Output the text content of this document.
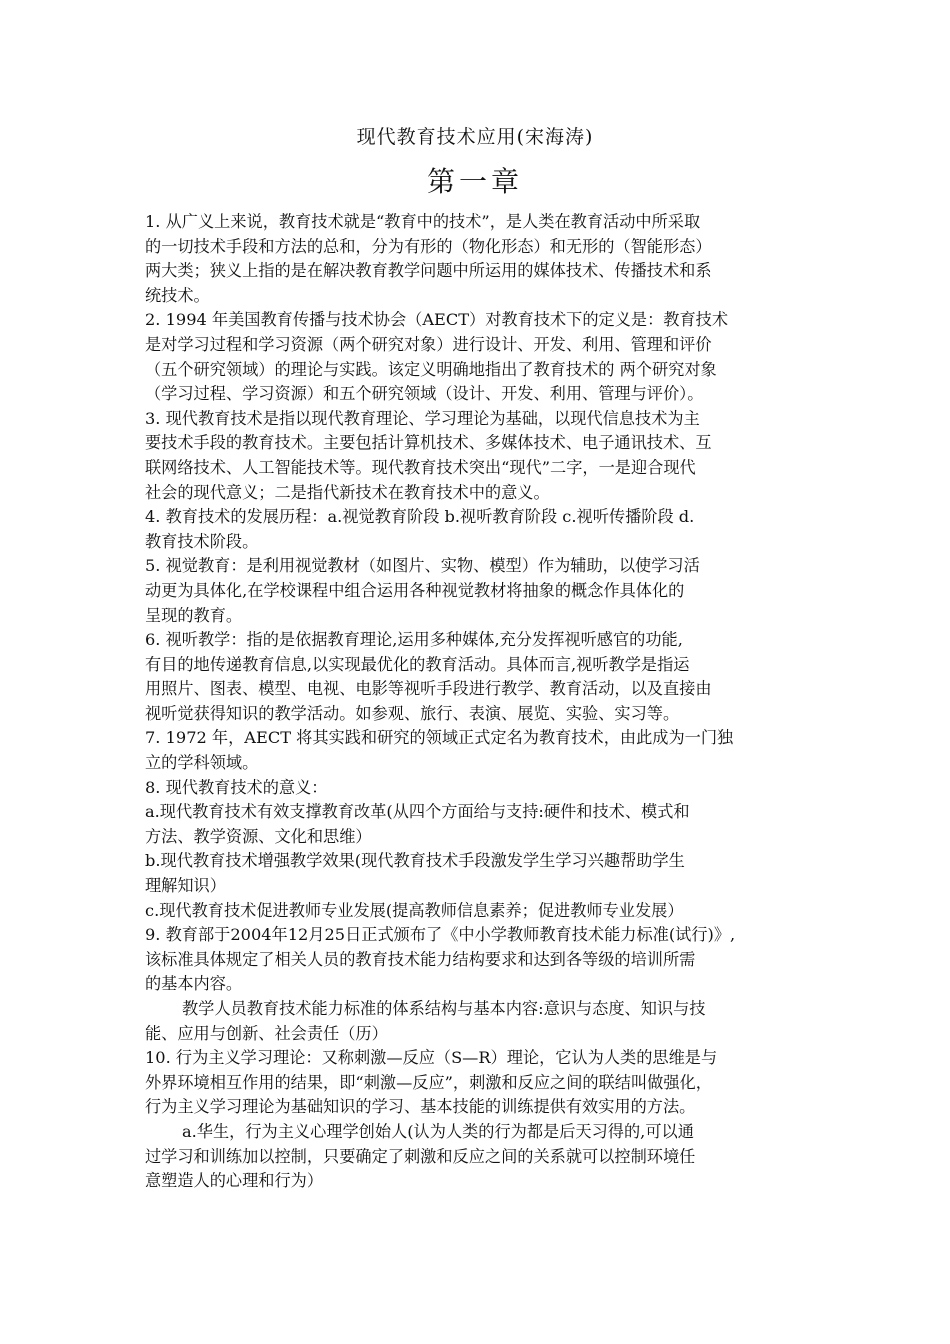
现代教育技术应用(宋海涛)
第一章
1. 从广义上来说，教育技术就是“教育中的技术”，是人类在教育活动中所采取
的一切技术手段和方法的总和，分为有形的（物化形态）和无形的（智能形态）
两大类；狭义上指的是在解决教育教学问题中所运用的媒体技术、传播技术和系
统技术。
2. 1994 年美国教育传播与技术协会（AECT）对教育技术下的定义是：教育技术
是对学习过程和学习资源（两个研究对象）进行设计、开发、利用、管理和评价
（五个研究领域）的理论与实践。该定义明确地指出了教育技术的 两个研究对象
（学习过程、学习资源）和五个研究领域（设计、开发、利用、管理与评价）。
3. 现代教育技术是指以现代教育理论、学习理论为基础，以现代信息技术为主
要技术手段的教育技术。主要包括计算机技术、多媒体技术、电子通讯技术、互
联网络技术、人工智能技术等。现代教育技术突出“现代”二字，一是迎合现代
社会的现代意义；二是指代新技术在教育技术中的意义。
4. 教育技术的发展历程：a.视觉教育阶段 b.视听教育阶段 c.视听传播阶段 d.
教育技术阶段。
5. 视觉教育：是利用视觉教材（如图片、实物、模型）作为辅助，以使学习活
动更为具体化,在学校课程中组合运用各种视觉教材将抽象的概念作具体化的
呈现的教育。
6. 视听教学：指的是依据教育理论,运用多种媒体,充分发挥视听感官的功能,
有目的地传递教育信息,以实现最优化的教育活动。具体而言,视听教学是指运
用照片、图表、模型、电视、电影等视听手段进行教学、教育活动，以及直接由
视听觉获得知识的教学活动。如参观、旅行、表演、展览、实验、实习等。
7. 1972 年，AECT 将其实践和研究的领域正式定名为教育技术，由此成为一门独
立的学科领域。
8. 现代教育技术的意义：
a.现代教育技术有效支撑教育改革(从四个方面给与支持:硬件和技术、模式和
方法、教学资源、文化和思维）
b.现代教育技术增强教学效果(现代教育技术手段激发学生学习兴趣帮助学生
理解知识）
c.现代教育技术促进教师专业发展(提高教师信息素养；促进教师专业发展）
9. 教育部于2004年12月25日正式颁布了《中小学教师教育技术能力标准(试行)》,
该标准具体规定了相关人员的教育技术能力结构要求和达到各等级的培训所需
的基本内容。
教学人员教育技术能力标准的体系结构与基本内容:意识与态度、知识与技
能、应用与创新、社会责任（历）
10. 行为主义学习理论：又称刺激—反应（S—R）理论，它认为人类的思维是与
外界环境相互作用的结果，即“刺激—反应”，刺激和反应之间的联结叫做强化，
行为主义学习理论为基础知识的学习、基本技能的训练提供有效实用的方法。
a.华生，行为主义心理学创始人(认为人类的行为都是后天习得的,可以通
过学习和训练加以控制，只要确定了刺激和反应之间的关系就可以控制环境任
意塑造人的心理和行为）
